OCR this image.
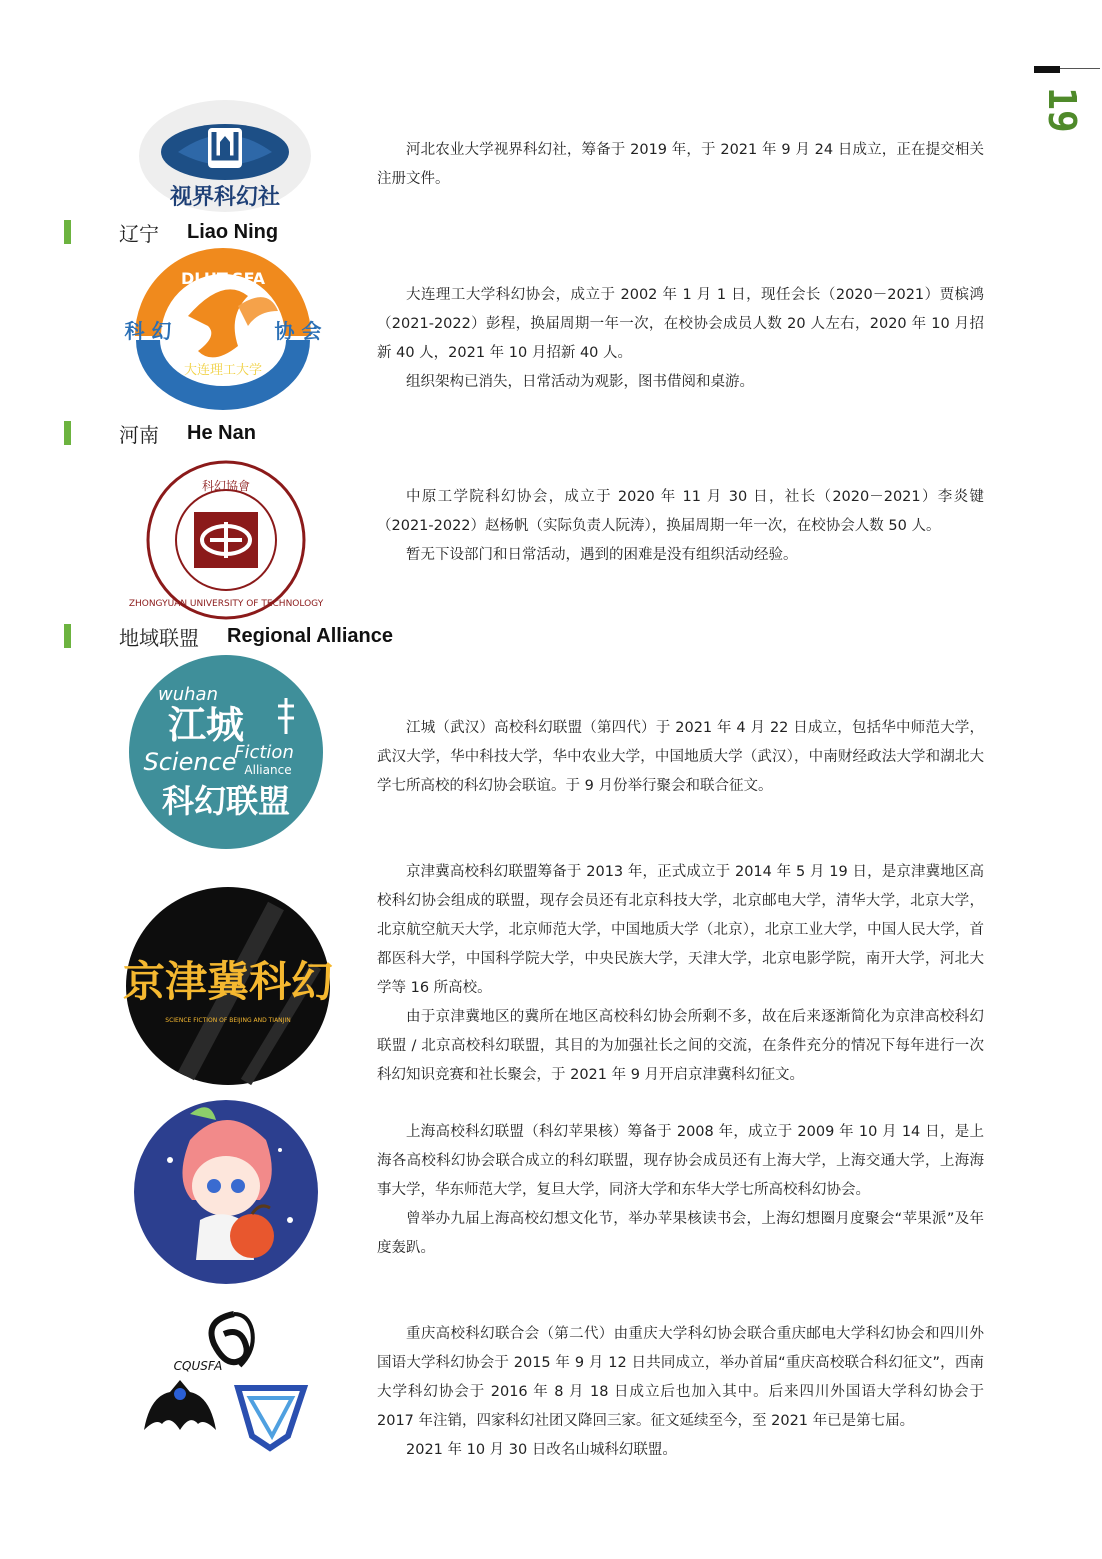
19
视界科幻社

河北农业大学视界科幻社，筹备于 2019 年，于 2021 年 9 月 24 日成立，正在提交相关注册文件。

辽宁 Liao Ning
DLUT-SFA
科 幻	协 会
大连理工大学

大连理工大学科幻协会，成立于 2002 年 1 月 1 日，现任会长（2020－2021）贾槟鸿（2021-2022）彭程，换届周期一年一次，在校协会成员人数 20 人左右，2020 年 10 月招新 40 人，2021 年 10 月招新 40 人。

组织架构已消失，日常活动为观影，图书借阅和桌游。

河南 He Nan
科幻協會
ZHONGYUAN UNIVERSITY OF TECHNOLOGY

中原工学院科幻协会，成立于 2020 年 11 月 30 日，社长（2020－2021）李炎键（2021-2022）赵杨帆（实际负责人阮涛），换届周期一年一次，在校协会人数 50 人。

暂无下设部门和日常活动，遇到的困难是没有组织活动经验。

地域联盟 Regional Alliance
wuhan
江城
Science
Fiction
Alliance
科幻联盟

江城（武汉）高校科幻联盟（第四代）于 2021 年 4 月 22 日成立，包括华中师范大学，武汉大学，华中科技大学，华中农业大学，中国地质大学（武汉），中南财经政法大学和湖北大学七所高校的科幻协会联谊。于 9 月份举行聚会和联合征文。

京津冀科幻
SCIENCE FICTION OF BEIJING AND TIANJIN

京津冀高校科幻联盟筹备于 2013 年，正式成立于 2014 年 5 月 19 日，是京津冀地区高校科幻协会组成的联盟，现存会员还有北京科技大学，北京邮电大学，清华大学，北京大学，北京航空航天大学，北京师范大学，中国地质大学（北京），北京工业大学，中国人民大学，首都医科大学，中国科学院大学，中央民族大学，天津大学，北京电影学院，南开大学，河北大学等 16 所高校。

由于京津冀地区的冀所在地区高校科幻协会所剩不多，故在后来逐渐简化为京津高校科幻联盟 / 北京高校科幻联盟，其目的为加强社长之间的交流，在条件充分的情况下每年进行一次科幻知识竞赛和社长聚会，于 2021 年 9 月开启京津冀科幻征文。

上海高校科幻联盟（科幻苹果核）筹备于 2008 年，成立于 2009 年 10 月 14 日，是上海各高校科幻协会联合成立的科幻联盟，现存协会成员还有上海大学，上海交通大学，上海海事大学，华东师范大学，复旦大学，同济大学和东华大学七所高校科幻协会。

曾举办九届上海高校幻想文化节，举办苹果核读书会，上海幻想圈月度聚会“苹果派”及年度轰趴。

CQUSFA

重庆高校科幻联合会（第二代）由重庆大学科幻协会联合重庆邮电大学科幻协会和四川外国语大学科幻协会于 2015 年 9 月 12 日共同成立，举办首届“重庆高校联合科幻征文”，西南大学科幻协会于 2016 年 8 月 18 日成立后也加入其中。后来四川外国语大学科幻协会于 2017 年注销，四家科幻社团又降回三家。征文延续至今，至 2021 年已是第七届。

2021 年 10 月 30 日改名山城科幻联盟。
